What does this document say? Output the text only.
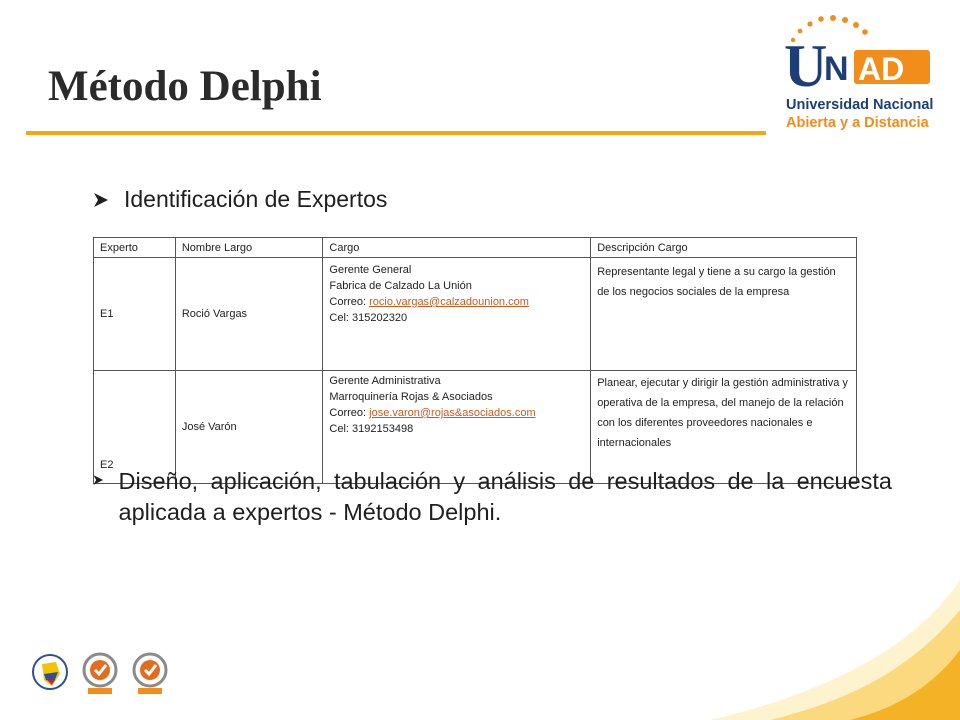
Método Delphi	U
N AD
Universidad Nacional
Abierta y a Distancia
Identificación de Expertos
Experto	Nombre Largo	Cargo	Descripción Cargo
E1	Roció Vargas	Gerente General
Fabrica de Calzado La Unión
Correo: rocio.vargas@calzadounion.com
Cel: 315202320	Representante legal y tiene a su cargo la gestión de los negocios sociales de la empresa

E2	José Varón	Gerente Administrativa
Marroquinería Rojas & Asociados
Correo: jose.varon@rojas&asociados.com
Cel: 3192153498	Planear, ejecutar y dirigir la gestión administrativa y operativa de la empresa, del manejo de la relación con los diferentes proveedores nacionales e internacionales
Diseño, aplicación, tabulación y análisis de resultados de la encuesta aplicada a expertos - Método Delphi.
